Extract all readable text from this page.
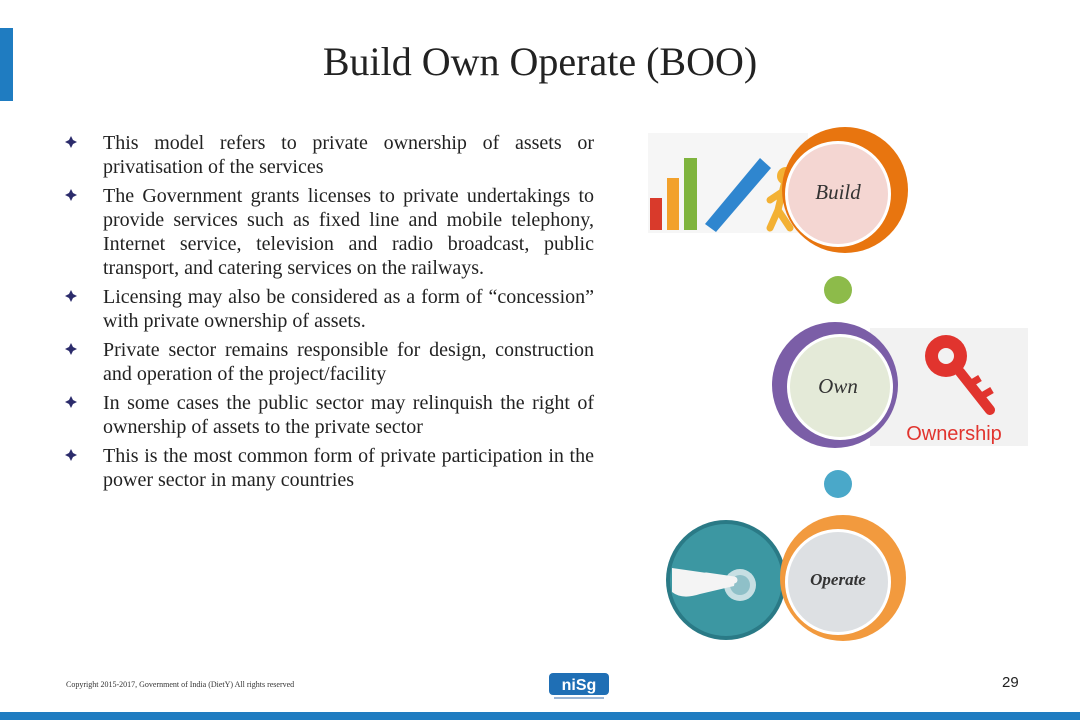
Build Own Operate (BOO)
This model refers to private ownership of assets or privatisation of the services
The Government grants licenses to private undertakings to provide services such as fixed line and mobile telephony, Internet service, television and radio broadcast, public transport, and catering services on the railways.
Licensing may also be considered as a form of “concession” with private ownership of assets.
Private sector remains responsible for design, construction and operation of the project/facility
In some cases the public sector may relinquish the right of ownership of assets to the private sector
This is the most common form of private participation in the power sector in many countries
Ownership
Build
Own
Operate
Copyright 2015-2017, Government of India (DietY) All rights reserved	niSg	29
